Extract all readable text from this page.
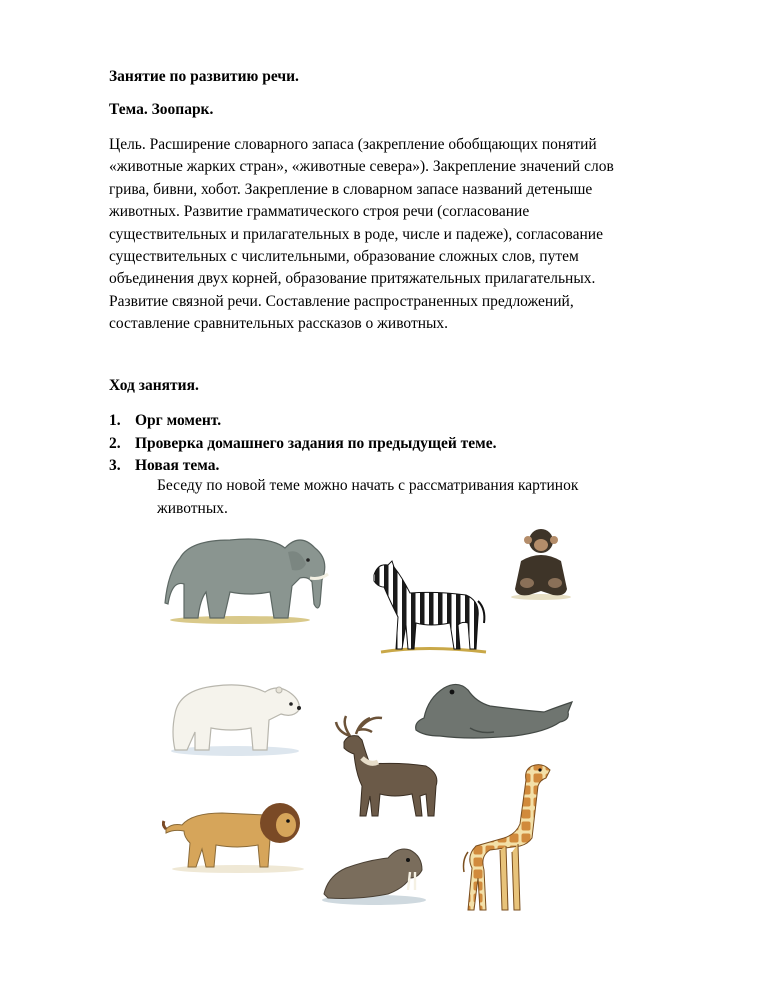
Занятие по развитию речи.
Тема. Зоопарк.
Цель. Расширение словарного запаса (закрепление обобщающих понятий
«животные жарких стран», «животные севера»). Закрепление значений слов
грива, бивни, хобот. Закрепление в словарном запасе названий детеныше
животных. Развитие грамматического строя речи (согласование
существительных и прилагательных в роде, числе и падеже), согласование
существительных с числительными, образование сложных слов, путем
объединения двух корней, образование притяжательных прилагательных.
Развитие связной речи. Составление распространенных предложений,
составление сравнительных рассказов о животных.
Ход занятия.
1. Орг момент.
2. Проверка домашнего задания по предыдущей теме.
3. Новая тема.
Беседу по новой теме можно начать с рассматривания картинок
животных.
